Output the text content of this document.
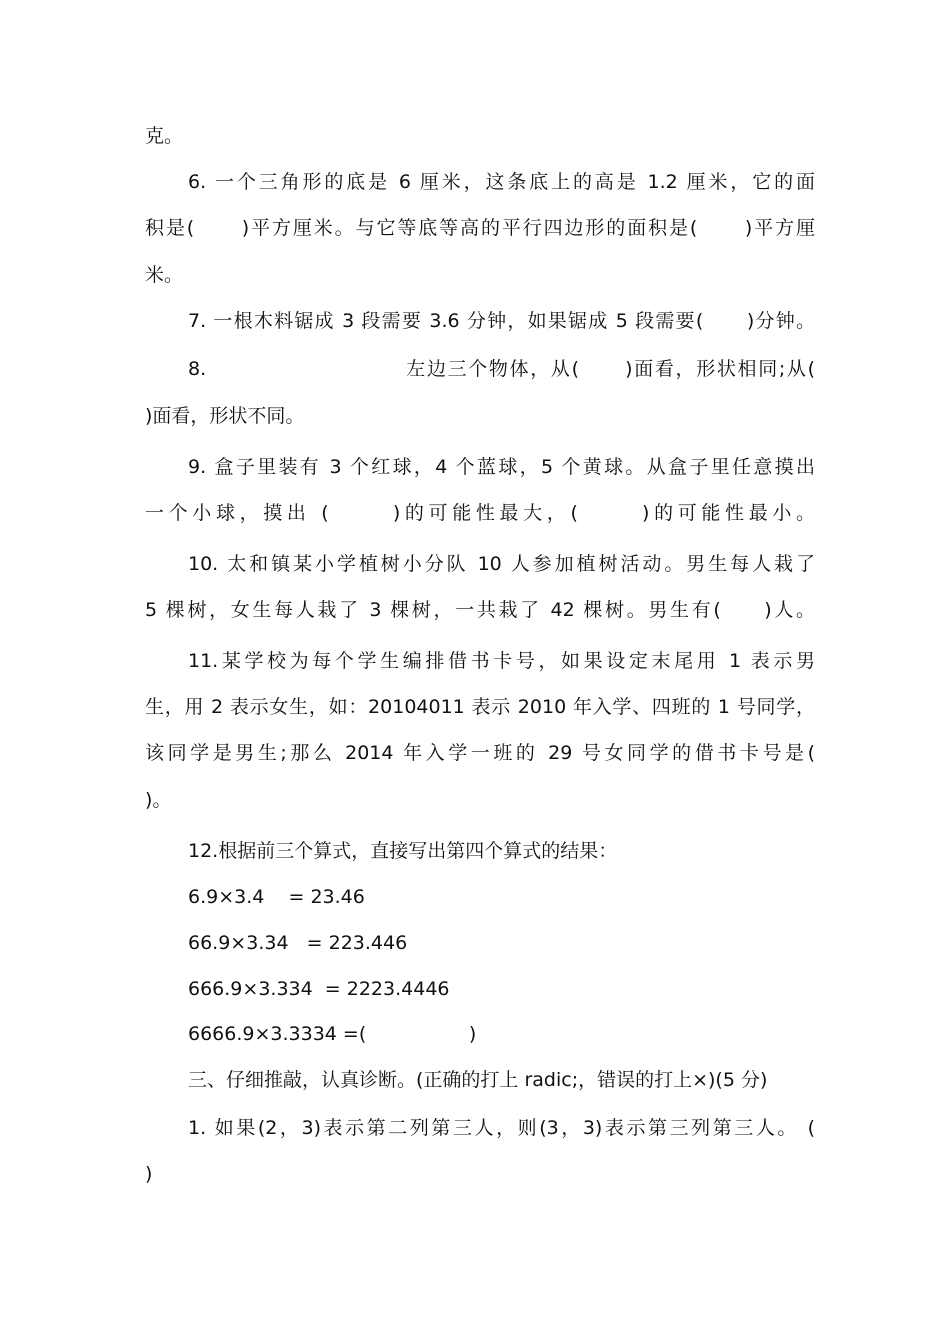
克。
6. 一个三角形的底是 6 厘米，这条底上的高是 1.2 厘米，它的面
积是(      )平方厘米。与它等底等高的平行四边形的面积是(      )平方厘
米。
7. 一根木料锯成 3 段需要 3.6 分钟，如果锯成 5 段需要(      )分钟。
8.                          左边三个物体，从(      )面看，形状相同;从(
)面看，形状不同。
9. 盒子里装有 3 个红球，4 个蓝球，5 个黄球。从盒子里任意摸出
一个小球，摸出 (      )的可能性最大，(      )的可能性最小。
10. 太和镇某小学植树小分队 10 人参加植树活动。男生每人栽了
5 棵树，女生每人栽了 3 棵树，一共栽了 42 棵树。男生有(     )人。
11.某学校为每个学生编排借书卡号，如果设定末尾用 1 表示男
生，用 2 表示女生，如：20104011 表示 2010 年入学、四班的 1 号同学，
该同学是男生;那么 2014 年入学一班的 29 号女同学的借书卡号是(
)。
12.根据前三个算式，直接写出第四个算式的结果：
6.9×3.4    = 23.46
66.9×3.34   = 223.446
666.9×3.334  = 2223.4446
6666.9×3.3334 =(                 )
三、仔细推敲，认真诊断。(正确的打上 radic;，错误的打上×)(5 分)
1. 如果(2，3)表示第二列第三人，则(3，3)表示第三列第三人。 (
)
